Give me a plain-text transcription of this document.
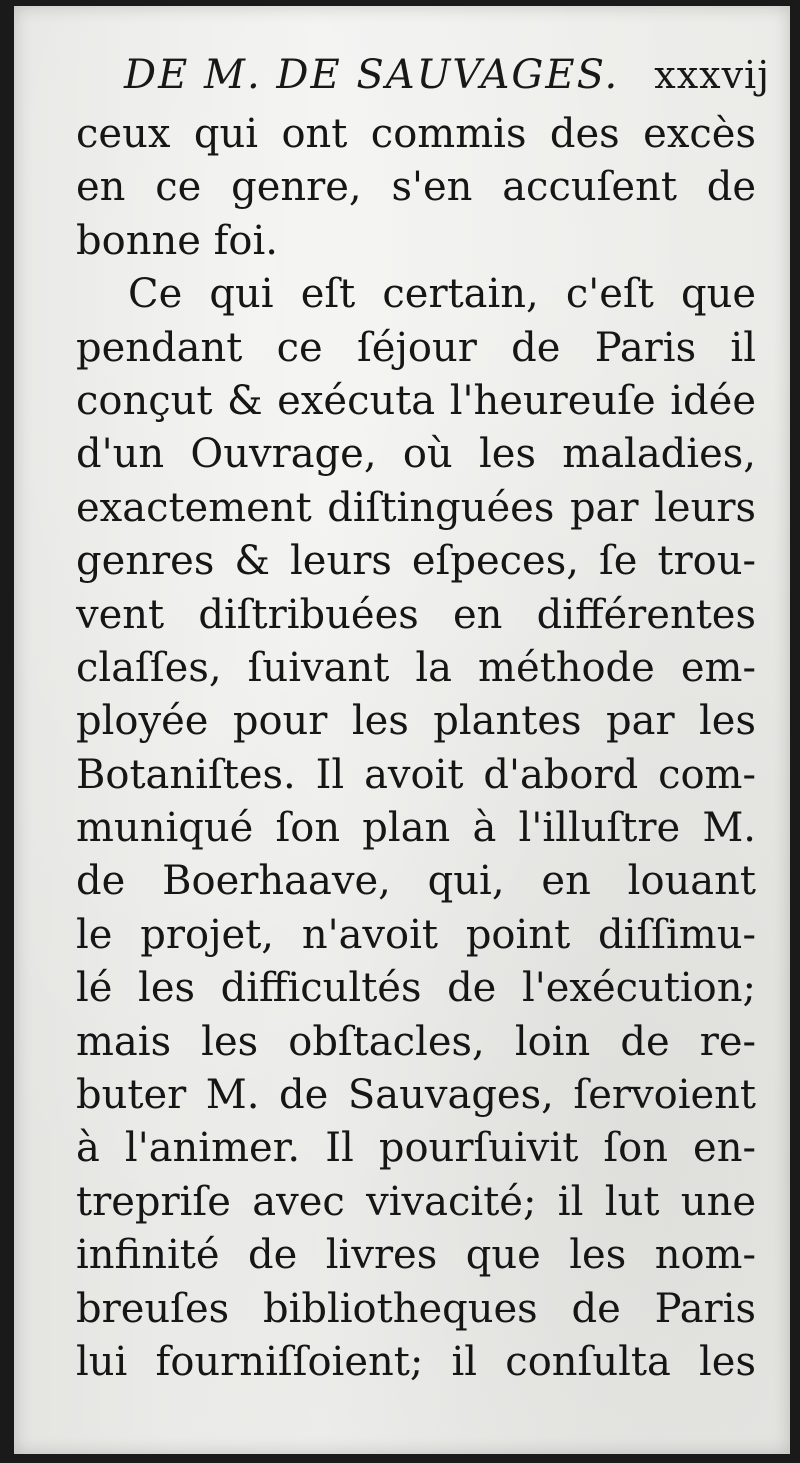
DE M. DE SAUVAGES. xxxvij
ceux qui ont commis des excès
en ce genre, s'en accuſent de
bonne foi.
Ce qui eſt certain, c'eſt que
pendant ce ſéjour de Paris il
conçut & exécuta l'heureuſe idée
d'un Ouvrage, où les maladies,
exactement diſtinguées par leurs
genres & leurs eſpeces, ſe trou-
vent diſtribuées en différentes
claſſes, ſuivant la méthode em-
ployée pour les plantes par les
Botaniſtes. Il avoit d'abord com-
muniqué ſon plan à l'illuſtre M.
de Boerhaave, qui, en louant
le projet, n'avoit point diſſimu-
lé les difficultés de l'exécution;
mais les obſtacles, loin de re-
buter M. de Sauvages, ſervoient
à l'animer. Il pourſuivit ſon en-
trepriſe avec vivacité; il lut une
infinité de livres que les nom-
breuſes bibliotheques de Paris
lui fourniſſoient; il conſulta les
